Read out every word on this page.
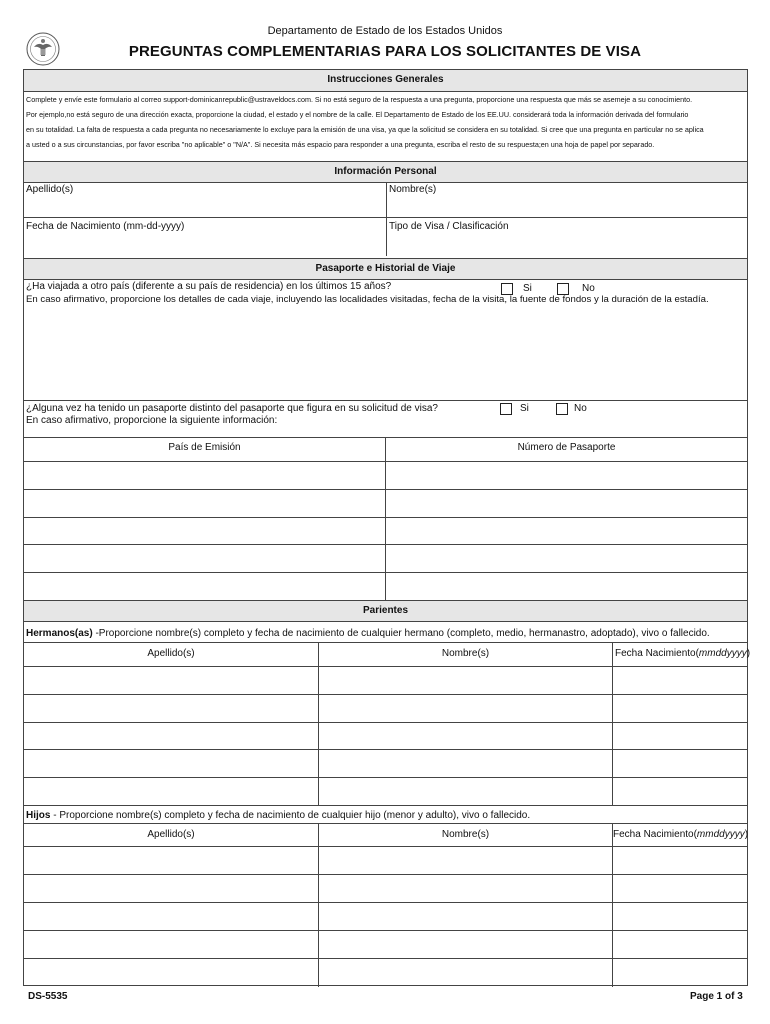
Departamento de Estado de los Estados Unidos
PREGUNTAS COMPLEMENTARIAS PARA LOS SOLICITANTES DE VISA
Instrucciones Generales
Complete y envíe este formulario al correo support-dominicanrepublic@ustraveldocs.com. Si no está seguro de la respuesta a una pregunta, proporcione una respuesta que más se asemeje a su conocimiento.
Por ejemplo,no está seguro de una dirección exacta, proporcione la ciudad, el estado y el nombre de la calle. El Departamento de Estado de los EE.UU. considerará toda la información derivada del formulario
en su totalidad. La falta de respuesta a cada pregunta no necesariamente lo excluye para la emisión de una visa, ya que la solicitud se considera en su totalidad. Si cree que una pregunta en particular no se aplica
a usted o a sus circunstancias, por favor escriba "no aplicable" o "N/A". Si necesita más espacio para responder a una pregunta, escriba el resto de su respuesta;en una hoja de papel por separado.
Información Personal
Apellido(s)	Nombre(s)
Fecha de Nacimiento (mm-dd-yyyy)	Tipo de Visa / Clasificación
Pasaporte e Historial de Viaje
¿Ha viajada a otro país (diferente a su país de residencia) en los últimos 15 años?	Si	No
En caso afirmativo, proporcione los detalles de cada viaje, incluyendo las localidades visitadas, fecha de la visita, la fuente de fondos y la duración de la estadía.
¿Alguna vez ha tenido un pasaporte distinto del pasaporte que figura en su solicitud de visa?	Si	No
En caso afirmativo, proporcione la siguiente información:
País de Emisión	Número de Pasaporte
Parientes
Hermanos(as) -Proporcione nombre(s) completo y fecha de nacimiento de cualquier hermano (completo, medio, hermanastro, adoptado), vivo o fallecido.
Apellido(s)	Nombre(s)	Fecha Nacimiento(mmddyyyy)
Hijos - Proporcione nombre(s) completo y fecha de nacimiento de cualquier hijo (menor y adulto), vivo o fallecido.
Apellido(s)	Nombre(s)	Fecha Nacimiento(mmddyyyy)
DS-5535	Page 1 of 3
